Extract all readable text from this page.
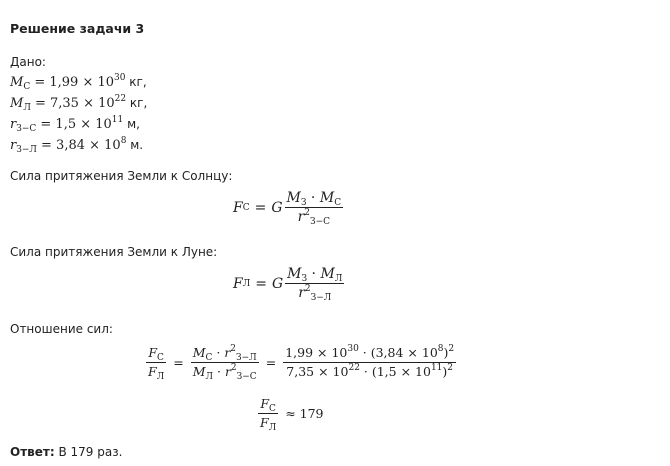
Решение задачи 3
Дано:
$M_С = 1,99 \times 10^{30}$ кг,
$M_Л = 7,35 \times 10^{22}$ кг,
$r_{З-С} = 1,5 \times 10^{11}$ м,
$r_{З-Л} = 3,84 \times 10^8$ м.
Сила притяжения Земли к Солнцу:
F С = G $\frac{M_З \cdot M_С}{r^2_{З-С}}$
Сила притяжения Земли к Луне:
F Л = G $\frac{M_З \cdot M_Л}{r^2_{З-Л}}$
Отношение сил:
$\frac{F_С}{F_Л} = \frac{M_С \cdot r^2_{З-Л}}{M_Л \cdot r^2_{З-С}} = \frac{1,99 \times 10^{30} \cdot (3,84 \times 10^8)^2}{7,35 \times 10^{22} \cdot (1,5 \times 10^{11})^2}$
$\frac{F_С}{F_Л} \approx 179$
Ответ: В 179 раз.
